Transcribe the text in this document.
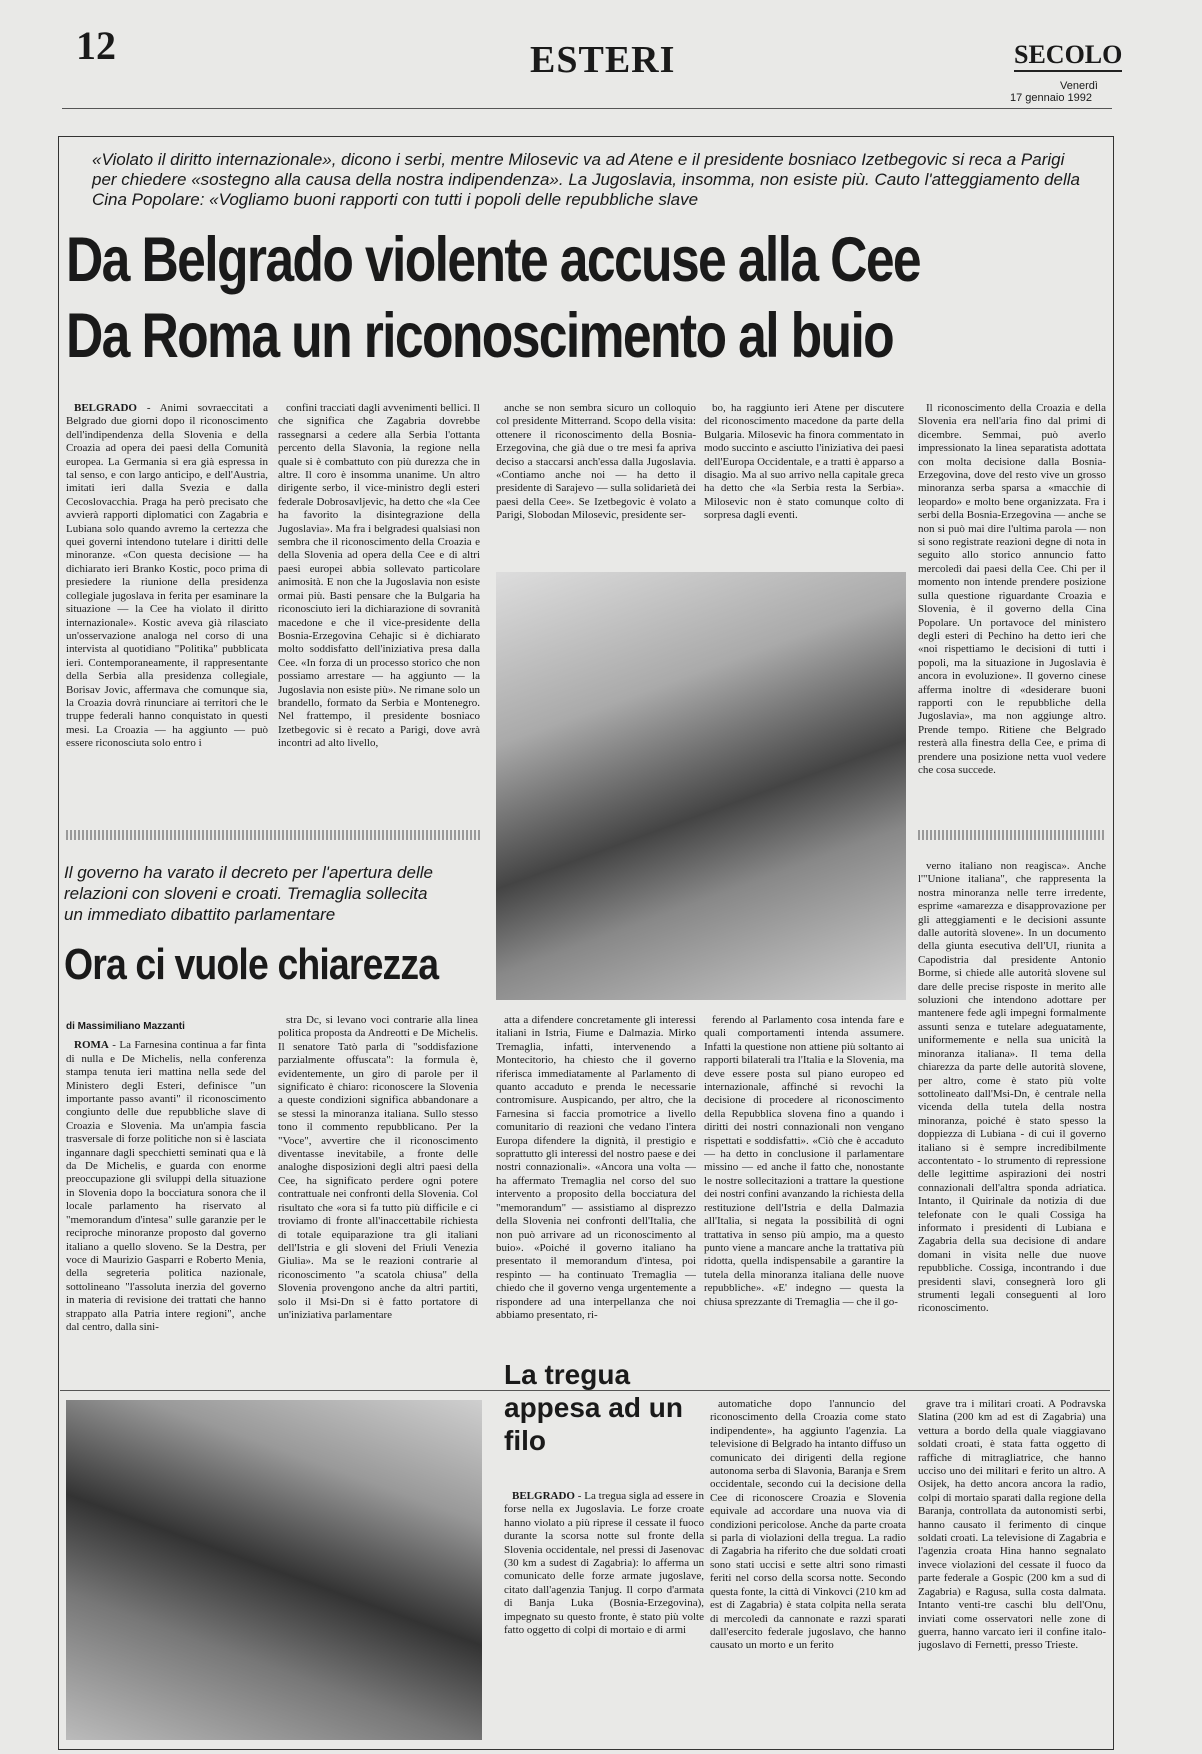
12	ESTERI	SECOLO
Venerdì
17 gennaio 1992
«Violato il diritto internazionale», dicono i serbi, mentre Milosevic va ad Atene e il presidente bosniaco Izetbegovic si reca a Parigi per chiedere «sostegno alla causa della nostra indipendenza». La Jugoslavia, insomma, non esiste più. Cauto l'atteggiamento della Cina Popolare: «Vogliamo buoni rapporti con tutti i popoli delle repubbliche slave
Da Belgrado violente accuse alla Cee
Da Roma un riconoscimento al buio

BELGRADO - Animi sovraeccitati a Belgrado due giorni dopo il riconoscimento dell'indipendenza della Slovenia e della Croazia ad opera dei paesi della Comunità europea. La Germania si era già espressa in tal senso, e con largo anticipo, e dell'Austria, imitati ieri dalla Svezia e dalla Cecoslovacchia. Praga ha però precisato che avvierà rapporti diplomatici con Zagabria e Lubiana solo quando avremo la certezza che quei governi intendono tutelare i diritti delle minoranze. «Con questa decisione — ha dichiarato ieri Branko Kostic, poco prima di presiedere la riunione della presidenza collegiale jugoslava in ferita per esaminare la situazione — la Cee ha violato il diritto internazionale». Kostic aveva già rilasciato un'osservazione analoga nel corso di una intervista al quotidiano "Politika" pubblicata ieri. Contemporaneamente, il rappresentante della Serbia alla presidenza collegiale, Borisav Jovic, affermava che comunque sia, la Croazia dovrà rinunciare ai territori che le truppe federali hanno conquistato in questi mesi. La Croazia — ha aggiunto — può essere riconosciuta solo entro i

confini tracciati dagli avvenimenti bellici. Il che significa che Zagabria dovrebbe rassegnarsi a cedere alla Serbia l'ottanta percento della Slavonia, la regione nella quale si è combattuto con più durezza che in altre. Il coro è insomma unanime. Un altro dirigente serbo, il vice-ministro degli esteri federale Dobrosavljevic, ha detto che «la Cee ha favorito la disintegrazione della Jugoslavia». Ma fra i belgradesi qualsiasi non sembra che il riconoscimento della Croazia e della Slovenia ad opera della Cee e di altri paesi europei abbia sollevato particolare animosità. E non che la Jugoslavia non esiste ormai più. Basti pensare che la Bulgaria ha riconosciuto ieri la dichiarazione di sovranità macedone e che il vice-presidente della Bosnia-Erzegovina Cehajic si è dichiarato molto soddisfatto dell'iniziativa presa dalla Cee. «In forza di un processo storico che non possiamo arrestare — ha aggiunto — la Jugoslavia non esiste più». Ne rimane solo un brandello, formato da Serbia e Montenegro. Nel frattempo, il presidente bosniaco Izetbegovic si è recato a Parigi, dove avrà incontri ad alto livello,

anche se non sembra sicuro un colloquio col presidente Mitterrand. Scopo della visita: ottenere il riconoscimento della Bosnia-Erzegovina, che già due o tre mesi fa apriva deciso a staccarsi anch'essa dalla Jugoslavia. «Contiamo anche noi — ha detto il presidente di Sarajevo — sulla solidarietà dei paesi della Cee». Se Izetbegovic è volato a Parigi, Slobodan Milosevic, presidente ser-

bo, ha raggiunto ieri Atene per discutere del riconoscimento macedone da parte della Bulgaria. Milosevic ha finora commentato in modo succinto e asciutto l'iniziativa dei paesi dell'Europa Occidentale, e a tratti è apparso a disagio. Ma al suo arrivo nella capitale greca ha detto che «la Serbia resta la Serbia». Milosevic non è stato comunque colto di sorpresa dagli eventi.

Il riconoscimento della Croazia e della Slovenia era nell'aria fino dal primi di dicembre. Semmai, può averlo impressionato la linea separatista adottata con molta decisione dalla Bosnia-Erzegovina, dove del resto vive un grosso minoranza serba sparsa a «macchie di leopardo» e molto bene organizzata. Fra i serbi della Bosnia-Erzegovina — anche se non si può mai dire l'ultima parola — non si sono registrate reazioni degne di nota in seguito allo storico annuncio fatto mercoledì dai paesi della Cee. Chi per il momento non intende prendere posizione sulla questione riguardante Croazia e Slovenia, è il governo della Cina Popolare. Un portavoce del ministero degli esteri di Pechino ha detto ieri che «noi rispettiamo le decisioni di tutti i popoli, ma la situazione in Jugoslavia è ancora in evoluzione». Il governo cinese afferma inoltre di «desiderare buoni rapporti con le repubbliche della Jugoslavia», ma non aggiunge altro. Prende tempo. Ritiene che Belgrado resterà alla finestra della Cee, e prima di prendere una posizione netta vuol vedere che cosa succede.

Il governo ha varato il decreto per l'apertura delle relazioni con sloveni e croati. Tremaglia sollecita un immediato dibattito parlamentare
Ora ci vuole chiarezza

di Massimiliano Mazzanti

ROMA - La Farnesina continua a far finta di nulla e De Michelis, nella conferenza stampa tenuta ieri mattina nella sede del Ministero degli Esteri, definisce "un importante passo avanti" il riconoscimento congiunto delle due repubbliche slave di Croazia e Slovenia. Ma un'ampia fascia trasversale di forze politiche non si è lasciata ingannare dagli specchietti seminati qua e là da De Michelis, e guarda con enorme preoccupazione gli sviluppi della situazione in Slovenia dopo la bocciatura sonora che il locale parlamento ha riservato al "memorandum d'intesa" sulle garanzie per le reciproche minoranze proposto dal governo italiano a quello sloveno. Se la Destra, per voce di Maurizio Gasparri e Roberto Menia, della segreteria politica nazionale, sottolineano "l'assoluta inerzia del governo in materia di revisione dei trattati che hanno strappato alla Patria intere regioni", anche dal centro, dalla sini-

stra Dc, si levano voci contrarie alla linea politica proposta da Andreotti e De Michelis. Il senatore Tatò parla di "soddisfazione parzialmente offuscata": la formula è, evidentemente, un giro di parole per il significato è chiaro: riconoscere la Slovenia a queste condizioni significa abbandonare a se stessi la minoranza italiana. Sullo stesso tono il commento repubblicano. Per la "Voce", avvertire che il riconoscimento diventasse inevitabile, a fronte delle analoghe disposizioni degli altri paesi della Cee, ha significato perdere ogni potere contrattuale nei confronti della Slovenia. Col risultato che «ora si fa tutto più difficile e ci troviamo di fronte all'inaccettabile richiesta di totale equiparazione tra gli italiani dell'Istria e gli sloveni del Friuli Venezia Giulia». Ma se le reazioni contrarie al riconoscimento "a scatola chiusa" della Slovenia provengono anche da altri partiti, solo il Msi-Dn si è fatto portatore di un'iniziativa parlamentare

atta a difendere concretamente gli interessi italiani in Istria, Fiume e Dalmazia. Mirko Tremaglia, infatti, intervenendo a Montecitorio, ha chiesto che il governo riferisca immediatamente al Parlamento di quanto accaduto e prenda le necessarie contromisure. Auspicando, per altro, che la Farnesina si faccia promotrice a livello comunitario di reazioni che vedano l'intera Europa difendere la dignità, il prestigio e soprattutto gli interessi del nostro paese e dei nostri connazionali». «Ancora una volta — ha affermato Tremaglia nel corso del suo intervento a proposito della bocciatura del "memorandum" — assistiamo al disprezzo della Slovenia nei confronti dell'Italia, che non può arrivare ad un riconoscimento al buio». «Poiché il governo italiano ha presentato il memorandum d'intesa, poi respinto — ha continuato Tremaglia — chiedo che il governo venga urgentemente a rispondere ad una interpellanza che noi abbiamo presentato, ri-

ferendo al Parlamento cosa intenda fare e quali comportamenti intenda assumere. Infatti la questione non attiene più soltanto ai rapporti bilaterali tra l'Italia e la Slovenia, ma deve essere posta sul piano europeo ed internazionale, affinché si revochi la decisione di procedere al riconoscimento della Repubblica slovena fino a quando i diritti dei nostri connazionali non vengano rispettati e soddisfatti». «Ciò che è accaduto — ha detto in conclusione il parlamentare missino — ed anche il fatto che, nonostante le nostre sollecitazioni a trattare la questione dei nostri confini avanzando la richiesta della restituzione dell'Istria e della Dalmazia all'Italia, si negata la possibilità di ogni trattativa in senso più ampio, ma a questo punto viene a mancare anche la trattativa più ridotta, quella indispensabile a garantire la tutela della minoranza italiana delle nuove repubbliche». «E' indegno — questa la chiusa sprezzante di Tremaglia — che il go-

verno italiano non reagisca». Anche l'"Unione italiana", che rappresenta la nostra minoranza nelle terre irredente, esprime «amarezza e disapprovazione per gli atteggiamenti e le decisioni assunte dalle autorità slovene». In un documento della giunta esecutiva dell'UI, riunita a Capodistria dal presidente Antonio Borme, si chiede alle autorità slovene sul dare delle precise risposte in merito alle soluzioni che intendono adottare per mantenere fede agli impegni formalmente assunti senza e tutelare adeguatamente, uniformemente e nella sua unicità la minoranza italiana». Il tema della chiarezza da parte delle autorità slovene, per altro, come è stato più volte sottolineato dall'Msi-Dn, è centrale nella vicenda della tutela della nostra minoranza, poiché è stato spesso la doppiezza di Lubiana - di cui il governo italiano si è sempre incredibilmente accontentato - lo strumento di repressione delle legittime aspirazioni dei nostri connazionali dell'altra sponda adriatica. Intanto, il Quirinale da notizia di due telefonate con le quali Cossiga ha informato i presidenti di Lubiana e Zagabria della sua decisione di andare domani in visita nelle due nuove repubbliche. Cossiga, incontrando i due presidenti slavi, consegnerà loro gli strumenti legali conseguenti al loro riconoscimento.

La tregua appesa ad un filo

BELGRADO - La tregua sigla ad essere in forse nella ex Jugoslavia. Le forze croate hanno violato a più riprese il cessate il fuoco durante la scorsa notte sul fronte della Slovenia occidentale, nel pressi di Jasenovac (30 km a sudest di Zagabria): lo afferma un comunicato delle forze armate jugoslave, citato dall'agenzia Tanjug. Il corpo d'armata di Banja Luka (Bosnia-Erzegovina), impegnato su questo fronte, è stato più volte fatto oggetto di colpi di mortaio e di armi

automatiche dopo l'annuncio del riconoscimento della Croazia come stato indipendente», ha aggiunto l'agenzia. La televisione di Belgrado ha intanto diffuso un comunicato dei dirigenti della regione autonoma serba di Slavonia, Baranja e Srem occidentale, secondo cui la decisione della Cee di riconoscere Croazia e Slovenia equivale ad accordare una nuova via di condizioni pericolose. Anche da parte croata si parla di violazioni della tregua. La radio di Zagabria ha riferito che due soldati croati sono stati uccisi e sette altri sono rimasti feriti nel corso della scorsa notte. Secondo questa fonte, la città di Vinkovci (210 km ad est di Zagabria) è stata colpita nella serata di mercoledì da cannonate e razzi sparati dall'esercito federale jugoslavo, che hanno causato un morto e un ferito

grave tra i militari croati. A Podravska Slatina (200 km ad est di Zagabria) una vettura a bordo della quale viaggiavano soldati croati, è stata fatta oggetto di raffiche di mitragliatrice, che hanno ucciso uno dei militari e ferito un altro. A Osijek, ha detto ancora ancora la radio, colpi di mortaio sparati dalla regione della Baranja, controllata da autonomisti serbi, hanno causato il ferimento di cinque soldati croati. La televisione di Zagabria e l'agenzia croata Hina hanno segnalato invece violazioni del cessate il fuoco da parte federale a Gospic (200 km a sud di Zagabria) e Ragusa, sulla costa dalmata. Intanto venti-tre caschi blu dell'Onu, inviati come osservatori nelle zone di guerra, hanno varcato ieri il confine italo-jugoslavo di Fernetti, presso Trieste.
